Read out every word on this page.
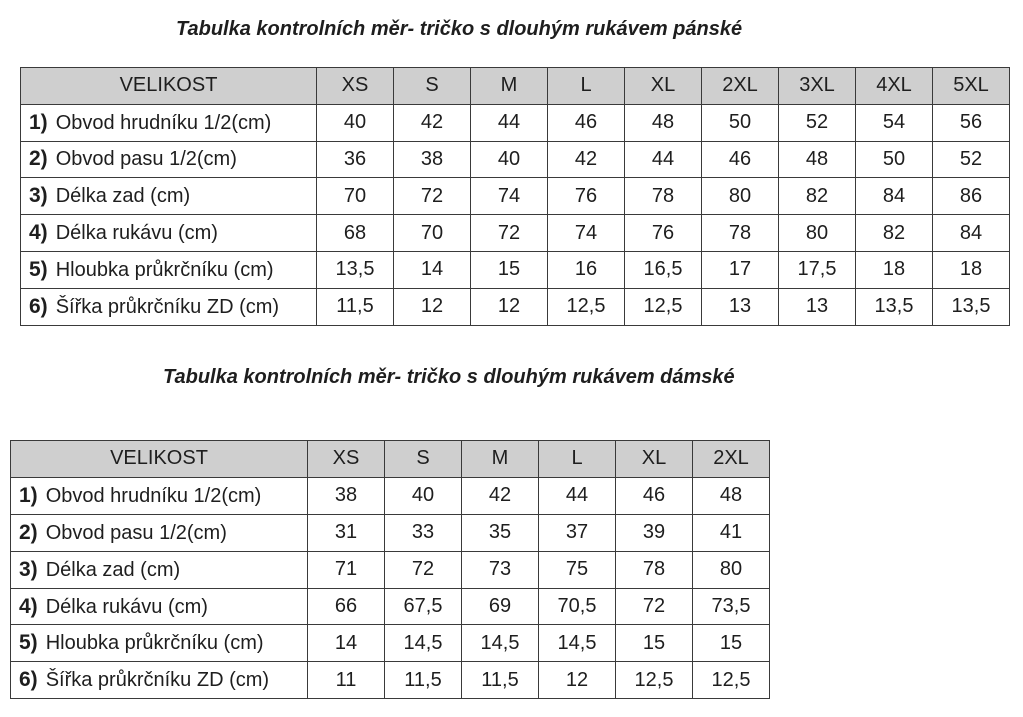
Tabulka kontrolních měr- tričko s dlouhým rukávem pánské
VELIKOST	XS	S	M	L	XL	2XL	3XL	4XL	5XL
1) Obvod hrudníku 1/2(cm)	40	42	44	46	48	50	52	54	56
2) Obvod pasu 1/2(cm)	36	38	40	42	44	46	48	50	52
3) Délka zad (cm)	70	72	74	76	78	80	82	84	86
4) Délka rukávu (cm)	68	70	72	74	76	78	80	82	84
5) Hloubka průkrčníku (cm)	13,5	14	15	16	16,5	17	17,5	18	18
6) Šířka průkrčníku ZD (cm)	11,5	12	12	12,5	12,5	13	13	13,5	13,5
Tabulka kontrolních měr- tričko s dlouhým rukávem dámské
VELIKOST	XS	S	M	L	XL	2XL
1) Obvod hrudníku 1/2(cm)	38	40	42	44	46	48
2) Obvod pasu 1/2(cm)	31	33	35	37	39	41
3) Délka zad (cm)	71	72	73	75	78	80
4) Délka rukávu (cm)	66	67,5	69	70,5	72	73,5
5) Hloubka průkrčníku (cm)	14	14,5	14,5	14,5	15	15
6) Šířka průkrčníku ZD (cm)	11	11,5	11,5	12	12,5	12,5
